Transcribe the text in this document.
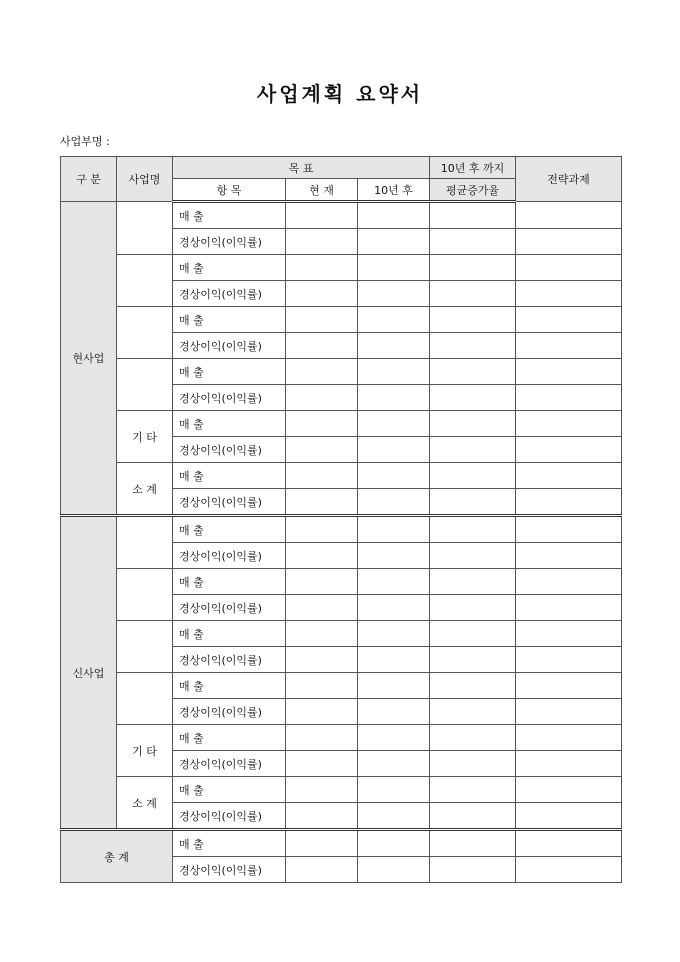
사업계획 요약서
사업부명 :
구 분	사업명	목 표			10년 후 까지	전략과제
		항 목	현 재	10년 후	평균증가율	
현사업		매 출				
		경상이익(이익률)				
		매 출				
		경상이익(이익률)				
		매 출				
		경상이익(이익률)				
		매 출				
		경상이익(이익률)				
	기 타	매 출				
		경상이익(이익률)				
	소 계	매 출				
		경상이익(이익률)				
신사업		매 출				
		경상이익(이익률)				
		매 출				
		경상이익(이익률)				
		매 출				
		경상이익(이익률)				
		매 출				
		경상이익(이익률)				
	기 타	매 출				
		경상이익(이익률)				
	소 계	매 출				
		경상이익(이익률)				
총 계		매 출				
		경상이익(이익률)				
